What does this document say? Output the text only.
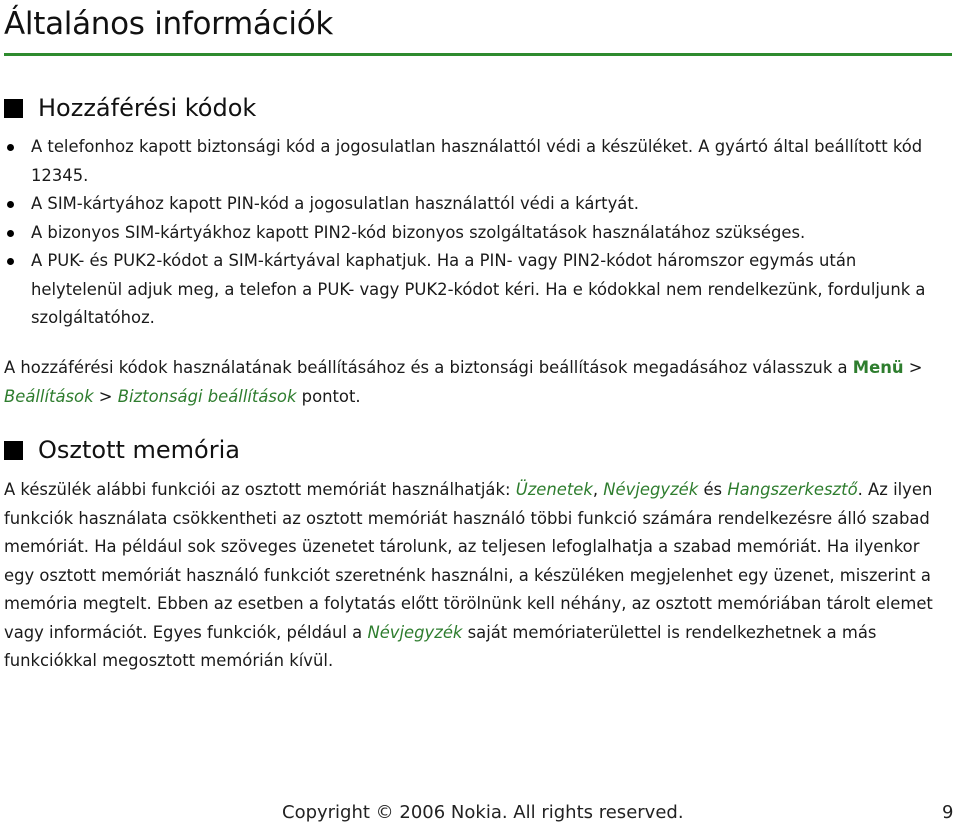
Általános információk
Hozzáférési kódok
A telefonhoz kapott biztonsági kód a jogosulatlan használattól védi a készüléket. A gyártó által beállított kód 12345.
A SIM-kártyához kapott PIN-kód a jogosulatlan használattól védi a kártyát.
A bizonyos SIM-kártyákhoz kapott PIN2-kód bizonyos szolgáltatások használatához szükséges.
A PUK- és PUK2-kódot a SIM-kártyával kaphatjuk. Ha a PIN- vagy PIN2-kódot háromszor egymás után helytelenül adjuk meg, a telefon a PUK- vagy PUK2-kódot kéri. Ha e kódokkal nem rendelkezünk, forduljunk a szolgáltatóhoz.

A hozzáférési kódok használatának beállításához és a biztonsági beállítások megadásához válasszuk a Menü > Beállítások > Biztonsági beállítások pontot.

Osztott memória

A készülék alábbi funkciói az osztott memóriát használhatják: Üzenetek, Névjegyzék és Hangszerkesztő. Az ilyen funkciók használata csökkentheti az osztott memóriát használó többi funkció számára rendelkezésre álló szabad memóriát. Ha például sok szöveges üzenetet tárolunk, az teljesen lefoglalhatja a szabad memóriát. Ha ilyenkor egy osztott memóriát használó funkciót szeretnénk használni, a készüléken megjelenhet egy üzenet, miszerint a memória megtelt. Ebben az esetben a folytatás előtt törölnünk kell néhány, az osztott memóriában tárolt elemet vagy információt. Egyes funkciók, például a Névjegyzék saját memóriaterülettel is rendelkezhetnek a más funkciókkal megosztott memórián kívül.

Copyright © 2006 Nokia. All rights reserved.	9
